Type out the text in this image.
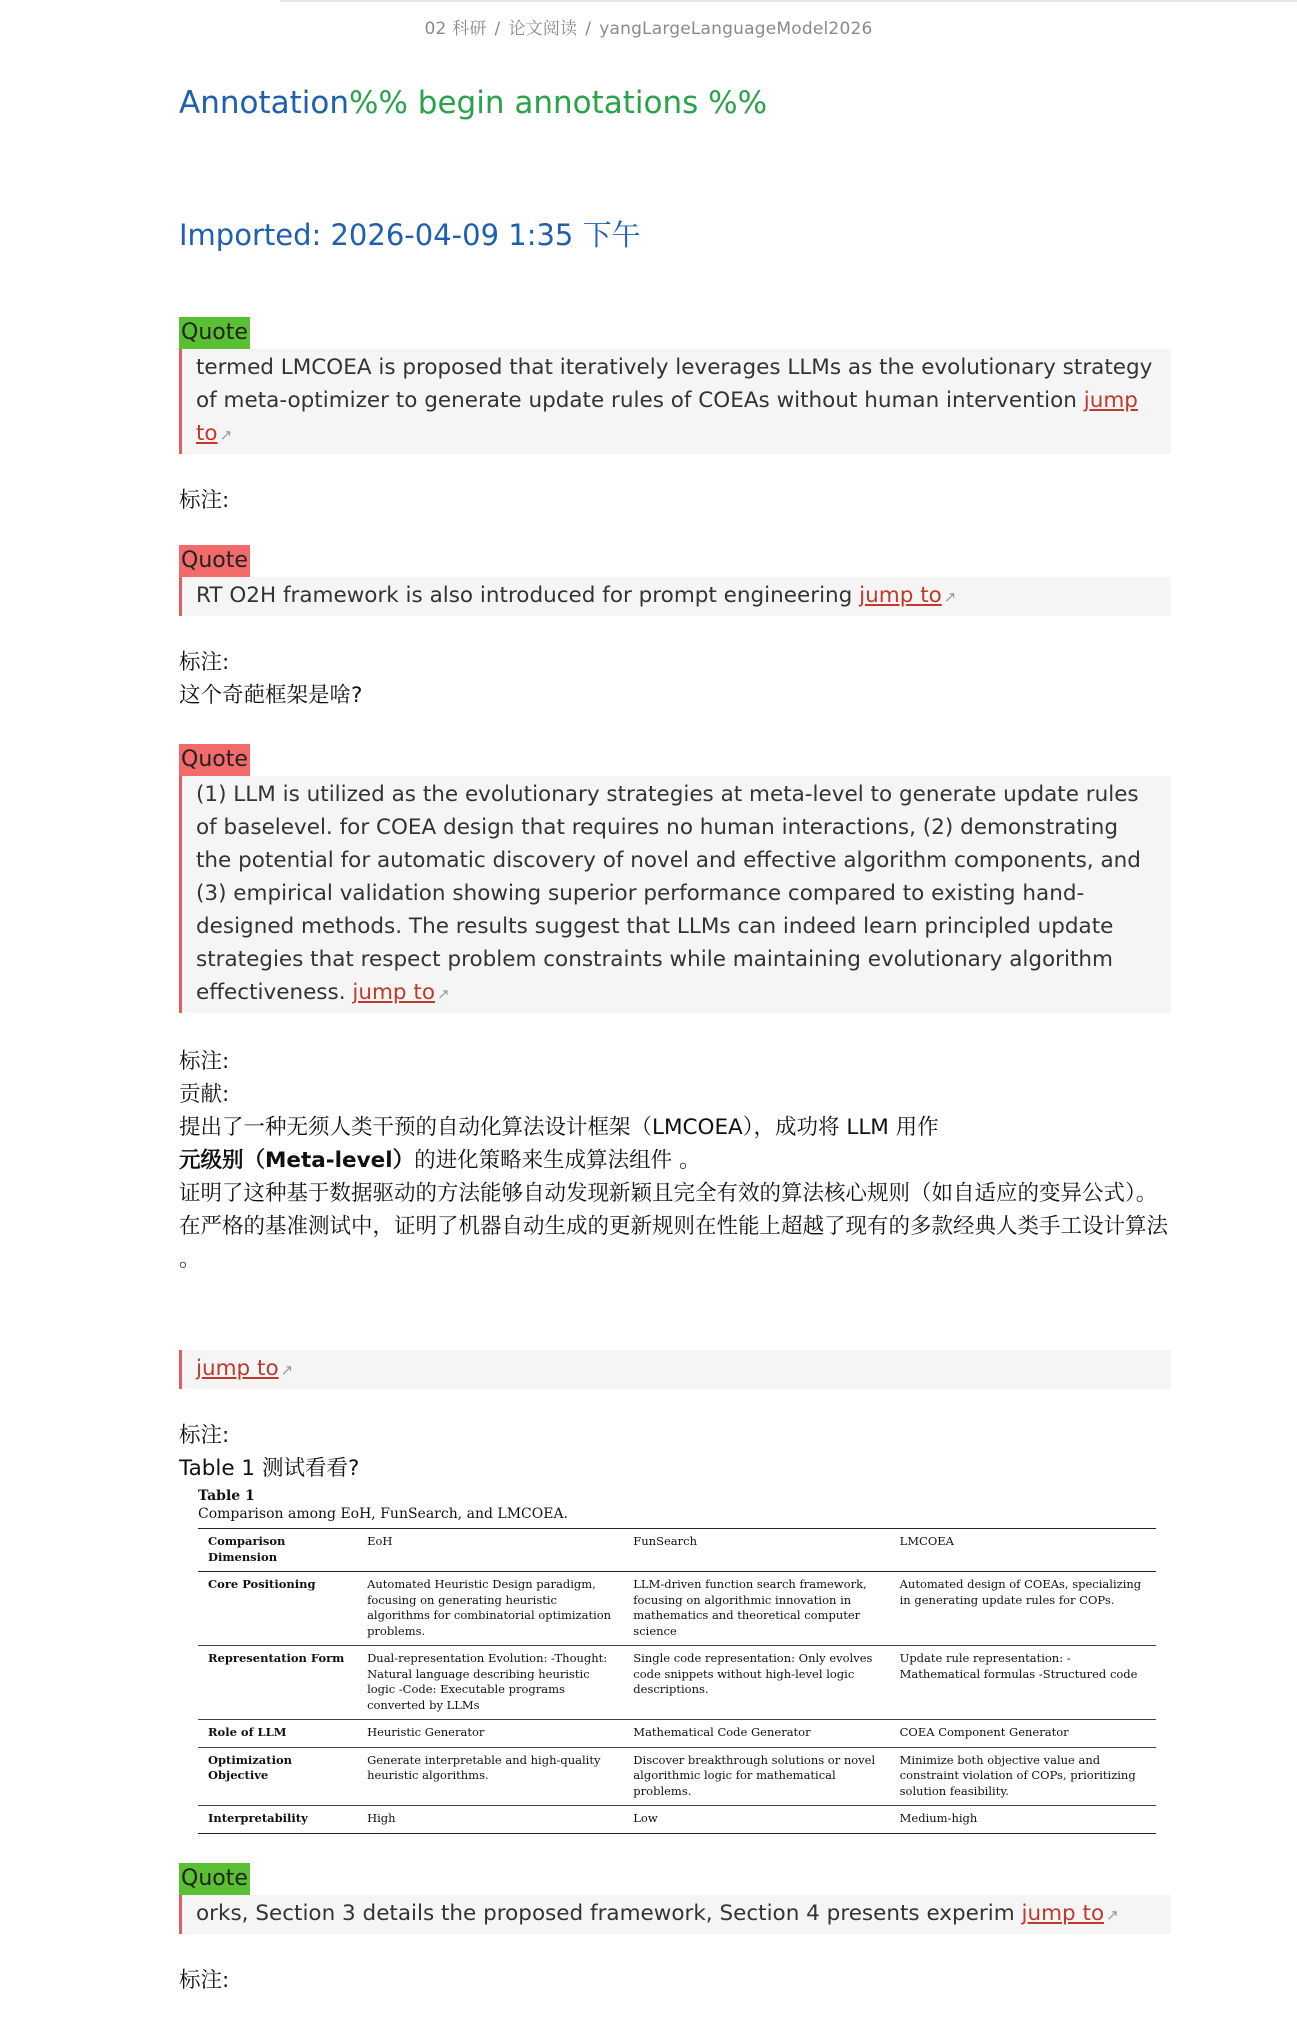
02 科研 / 论文阅读 / yangLargeLanguageModel2026
Annotation%% begin annotations %%
Imported: 2026-04-09 1:35 下午
Quote
termed LMCOEA is proposed that iteratively leverages LLMs as the evolutionary strategy of meta-optimizer to generate update rules of COEAs without human intervention jump to ↗
标注:
Quote
RT O2H framework is also introduced for prompt engineering jump to ↗
标注:
这个奇葩框架是啥?
Quote
(1) LLM is utilized as the evolutionary strategies at meta-level to generate update rules of baselevel. for COEA design that requires no human interactions, (2) demonstrating the potential for automatic discovery of novel and effective algorithm components, and (3) empirical validation showing superior performance compared to existing hand-designed methods. The results suggest that LLMs can indeed learn principled update strategies that respect problem constraints while maintaining evolutionary algorithm effectiveness. jump to ↗
标注:
贡献:
提出了一种无须人类干预的自动化算法设计框架（LMCOEA），成功将 LLM 用作元级别（Meta-level）的进化策略来生成算法组件 。
证明了这种基于数据驱动的方法能够自动发现新颖且完全有效的算法核心规则（如自适应的变异公式）。
在严格的基准测试中，证明了机器自动生成的更新规则在性能上超越了现有的多款经典人类手工设计算法 。
jump to ↗
标注:
Table 1 测试看看?
Table 1
Comparison among EoH, FunSearch, and LMCOEA.
Comparison Dimension	EoH	FunSearch	LMCOEA
Core Positioning	Automated Heuristic Design paradigm, focusing on generating heuristic algorithms for combinatorial optimization problems.	LLM-driven function search framework, focusing on algorithmic innovation in mathematics and theoretical computer science	Automated design of COEAs, specializing in generating update rules for COPs.
Representation Form	Dual-representation Evolution: -Thought: Natural language describing heuristic logic -Code: Executable programs converted by LLMs	Single code representation: Only evolves code snippets without high-level logic descriptions.	Update rule representation: -Mathematical formulas -Structured code
Role of LLM	Heuristic Generator	Mathematical Code Generator	COEA Component Generator
Optimization Objective	Generate interpretable and high-quality heuristic algorithms.	Discover breakthrough solutions or novel algorithmic logic for mathematical problems.	Minimize both objective value and constraint violation of COPs, prioritizing solution feasibility.
Interpretability	High	Low	Medium-high
Quote
orks, Section 3 details the proposed framework, Section 4 presents experim jump to ↗
标注:
